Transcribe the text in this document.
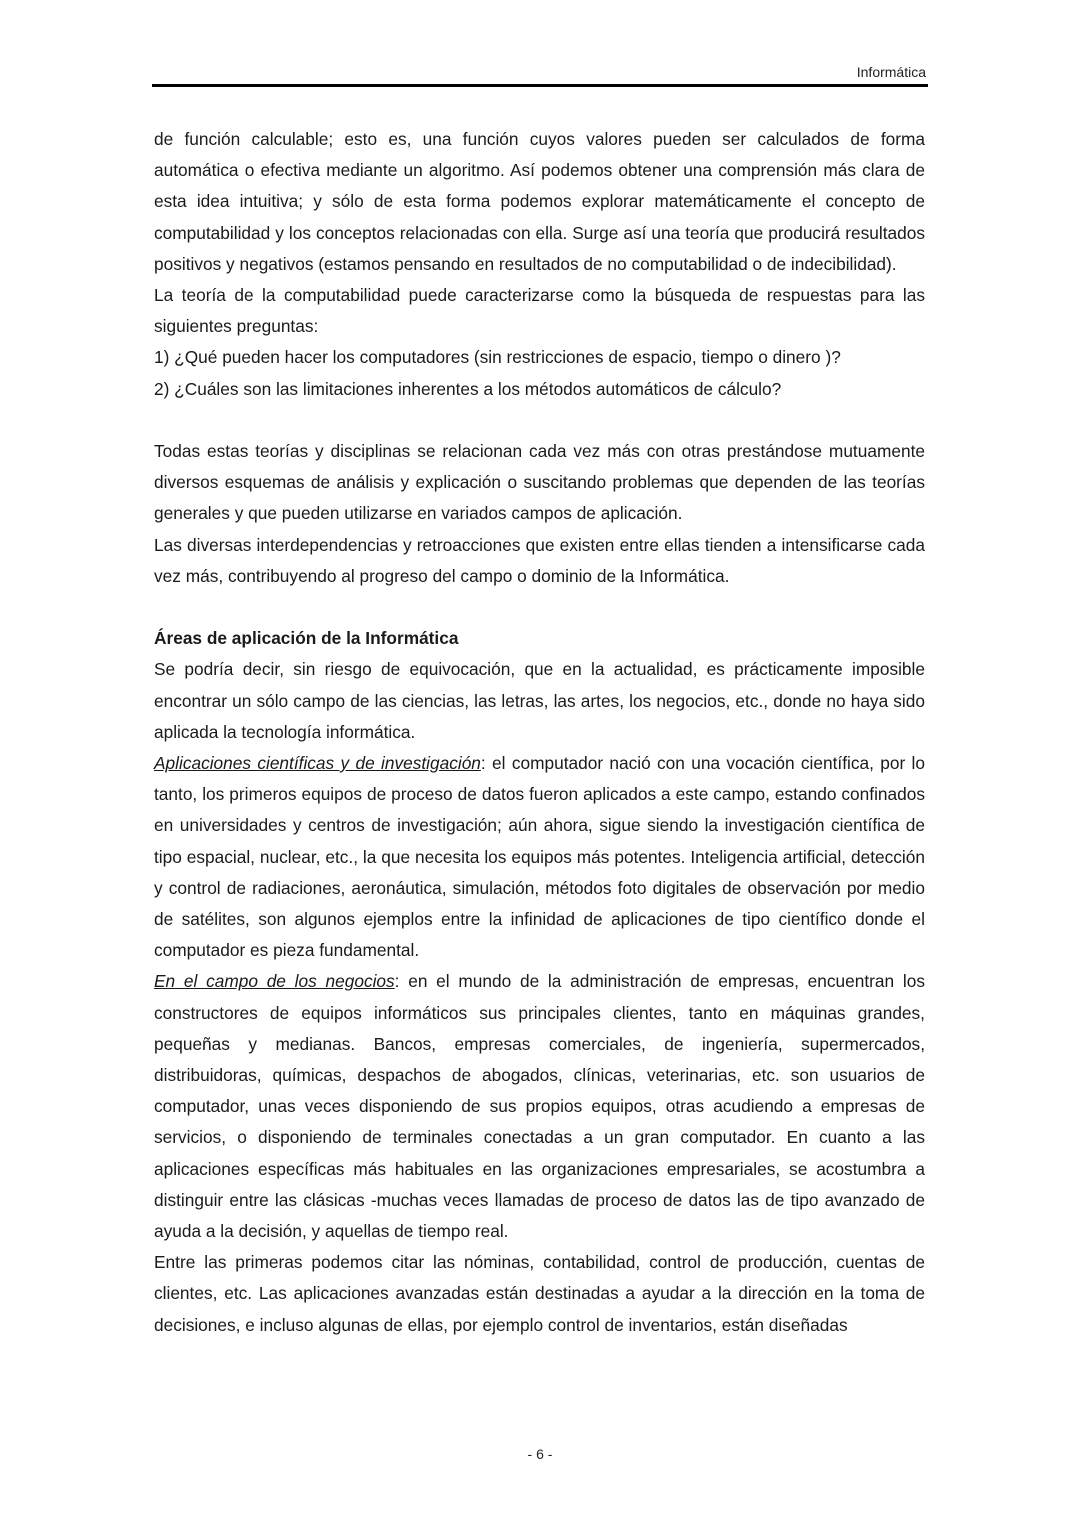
Informática

de función calculable; esto es, una función cuyos valores pueden ser calculados de forma automática o efectiva mediante un algoritmo. Así podemos obtener una comprensión más clara de esta idea intuitiva; y sólo de esta forma podemos explorar matemáticamente el concepto de computabilidad y los conceptos relacionadas con ella. Surge así una teoría que producirá resultados positivos y negativos (estamos pensando en resultados de no computabilidad o de indecibilidad).

La teoría de la computabilidad puede caracterizarse como la búsqueda de respuestas para las siguientes preguntas:

1) ¿Qué pueden hacer los computadores (sin restricciones de espacio, tiempo o dinero )?

2) ¿Cuáles son las limitaciones inherentes a los métodos automáticos de cálculo?

Todas estas teorías y disciplinas se relacionan cada vez más con otras prestándose mutuamente diversos esquemas de análisis y explicación o suscitando problemas que dependen de las teorías generales y que pueden utilizarse en variados campos de aplicación.

Las diversas interdependencias y retroacciones que existen entre ellas tienden a intensificarse cada vez más, contribuyendo al progreso del campo o dominio de la Informática.

Áreas de aplicación de la Informática

Se podría decir, sin riesgo de equivocación, que en la actualidad, es prácticamente imposible encontrar un sólo campo de las ciencias, las letras, las artes, los negocios, etc., donde no haya sido aplicada la tecnología informática.

Aplicaciones científicas y de investigación: el computador nació con una vocación científica, por lo tanto, los primeros equipos de proceso de datos fueron aplicados a este campo, estando confinados en universidades y centros de investigación; aún ahora, sigue siendo la investigación científica de tipo espacial, nuclear, etc., la que necesita los equipos más potentes. Inteligencia artificial, detección y control de radiaciones, aeronáutica, simulación, métodos foto digitales de observación por medio de satélites, son algunos ejemplos entre la infinidad de aplicaciones de tipo científico donde el computador es pieza fundamental.

En el campo de los negocios: en el mundo de la administración de empresas, encuentran los constructores de equipos informáticos sus principales clientes, tanto en máquinas grandes, pequeñas y medianas. Bancos, empresas comerciales, de ingeniería, supermercados, distribuidoras, químicas, despachos de abogados, clínicas, veterinarias, etc. son usuarios de computador, unas veces disponiendo de sus propios equipos, otras acudiendo a empresas de servicios, o disponiendo de terminales conectadas a un gran computador. En cuanto a las aplicaciones específicas más habituales en las organizaciones empresariales, se acostumbra a distinguir entre las clásicas -muchas veces llamadas de proceso de datos las de tipo avanzado de ayuda a la decisión, y aquellas de tiempo real.

Entre las primeras podemos citar las nóminas, contabilidad, control de producción, cuentas de clientes, etc. Las aplicaciones avanzadas están destinadas a ayudar a la dirección en la toma de decisiones, e incluso algunas de ellas, por ejemplo control de inventarios, están diseñadas

- 6 -
